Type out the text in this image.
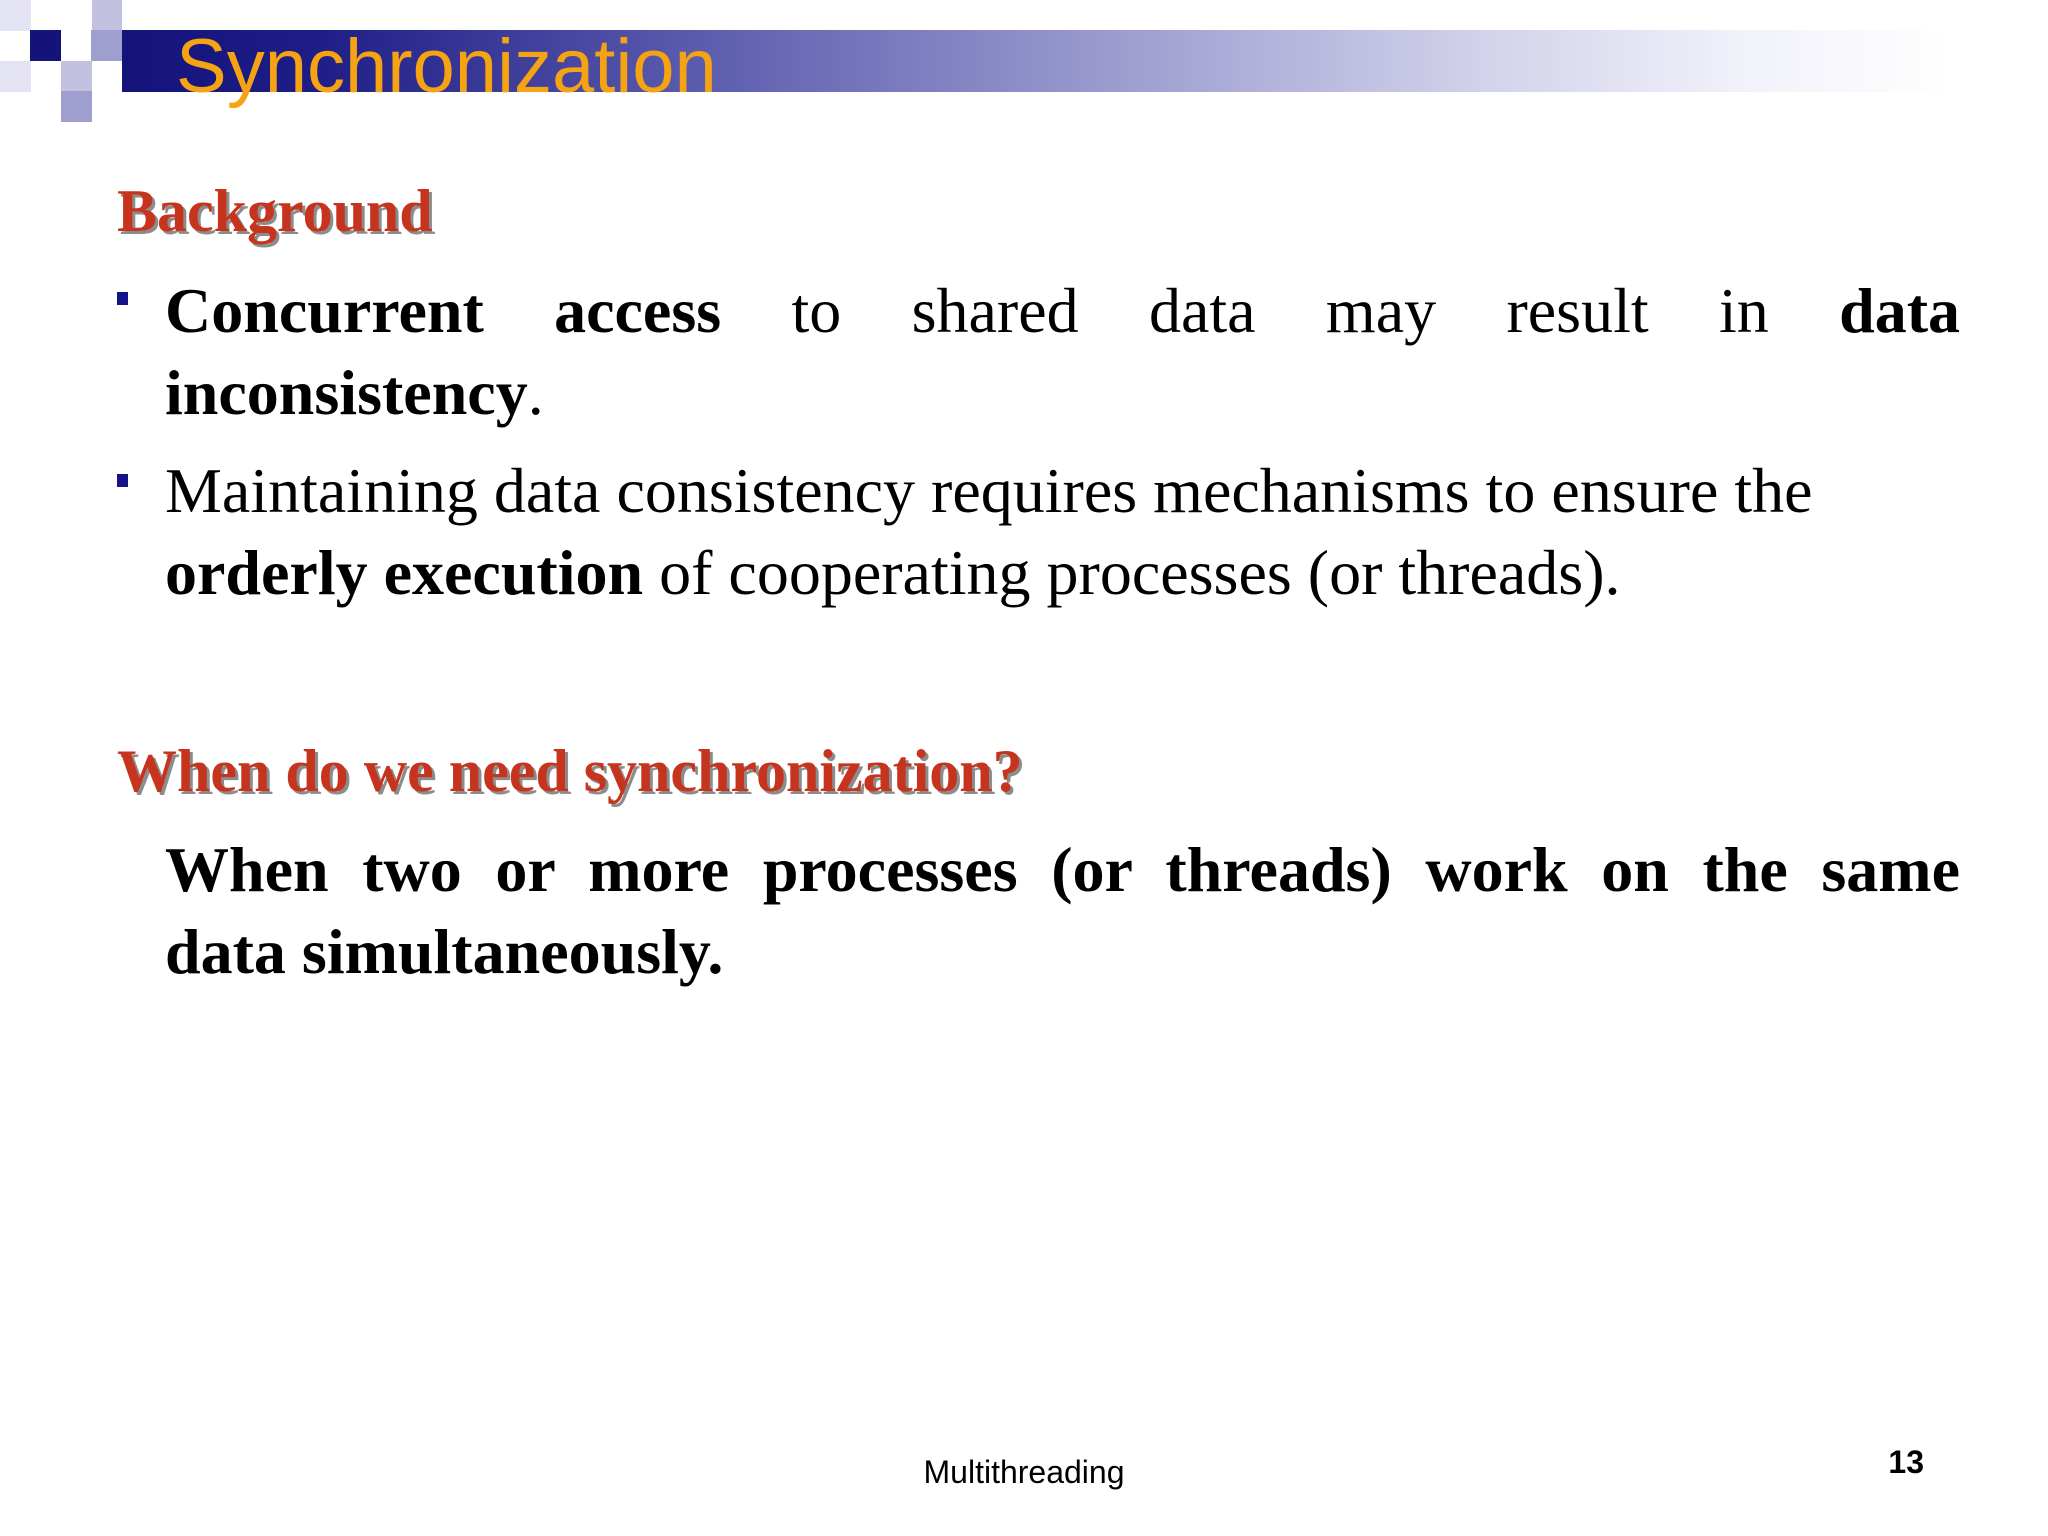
Synchronization
Background

Concurrent access to shared data may result in data

inconsistency.

Maintaining data consistency requires mechanisms to ensure the

orderly execution of cooperating processes (or threads).

When do we need synchronization?

When two or more processes (or threads) work on the same

data simultaneously.

Multithreading	13
